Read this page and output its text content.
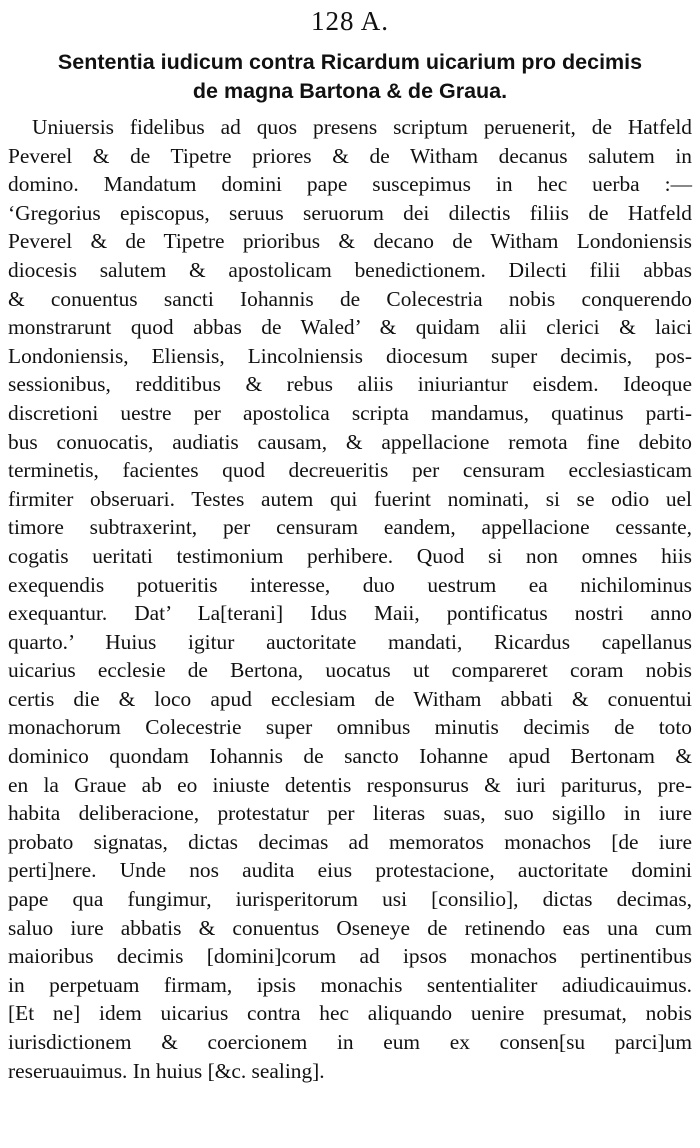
128 A.
Sententia iudicum contra Ricardum uicarium pro decimis
de magna Bartona & de Graua.
Uniuersis fidelibus ad quos presens scriptum peruenerit, de Hatfeld
Peverel & de Tipetre priores & de Witham decanus salutem in
domino. Mandatum domini pape suscepimus in hec uerba :—
‘Gregorius episcopus, seruus seruorum dei dilectis filiis de Hatfeld
Peverel & de Tipetre prioribus & decano de Witham Londoniensis
diocesis salutem & apostolicam benedictionem. Dilecti filii abbas
& conuentus sancti Iohannis de Colecestria nobis conquerendo
monstrarunt quod abbas de Waled’ & quidam alii clerici & laici
Londoniensis, Eliensis, Lincolniensis diocesum super decimis, pos-
sessionibus, redditibus & rebus aliis iniuriantur eisdem. Ideoque
discretioni uestre per apostolica scripta mandamus, quatinus parti-
bus conuocatis, audiatis causam, & appellacione remota fine debito
terminetis, facientes quod decreueritis per censuram ecclesiasticam
firmiter obseruari. Testes autem qui fuerint nominati, si se odio uel
timore subtraxerint, per censuram eandem, appellacione cessante,
cogatis ueritati testimonium perhibere. Quod si non omnes hiis
exequendis potueritis interesse, duo uestrum ea nichilominus
exequantur. Dat’ La[terani] Idus Maii, pontificatus nostri anno
quarto.’ Huius igitur auctoritate mandati, Ricardus capellanus
uicarius ecclesie de Bertona, uocatus ut compareret coram nobis
certis die & loco apud ecclesiam de Witham abbati & conuentui
monachorum Colecestrie super omnibus minutis decimis de toto
dominico quondam Iohannis de sancto Iohanne apud Bertonam &
en la Graue ab eo iniuste detentis responsurus & iuri pariturus, pre-
habita deliberacione, protestatur per literas suas, suo sigillo in iure
probato signatas, dictas decimas ad memoratos monachos [de iure
perti]nere. Unde nos audita eius protestacione, auctoritate domini
pape qua fungimur, iurisperitorum usi [consilio], dictas decimas,
saluo iure abbatis & conuentus Oseneye de retinendo eas una cum
maioribus decimis [domini]corum ad ipsos monachos pertinentibus
in perpetuam firmam, ipsis monachis sententialiter adiudicauimus.
[Et ne] idem uicarius contra hec aliquando uenire presumat, nobis
iurisdictionem & coercionem in eum ex consen[su parci]um
reseruauimus. In huius [&c. sealing].
